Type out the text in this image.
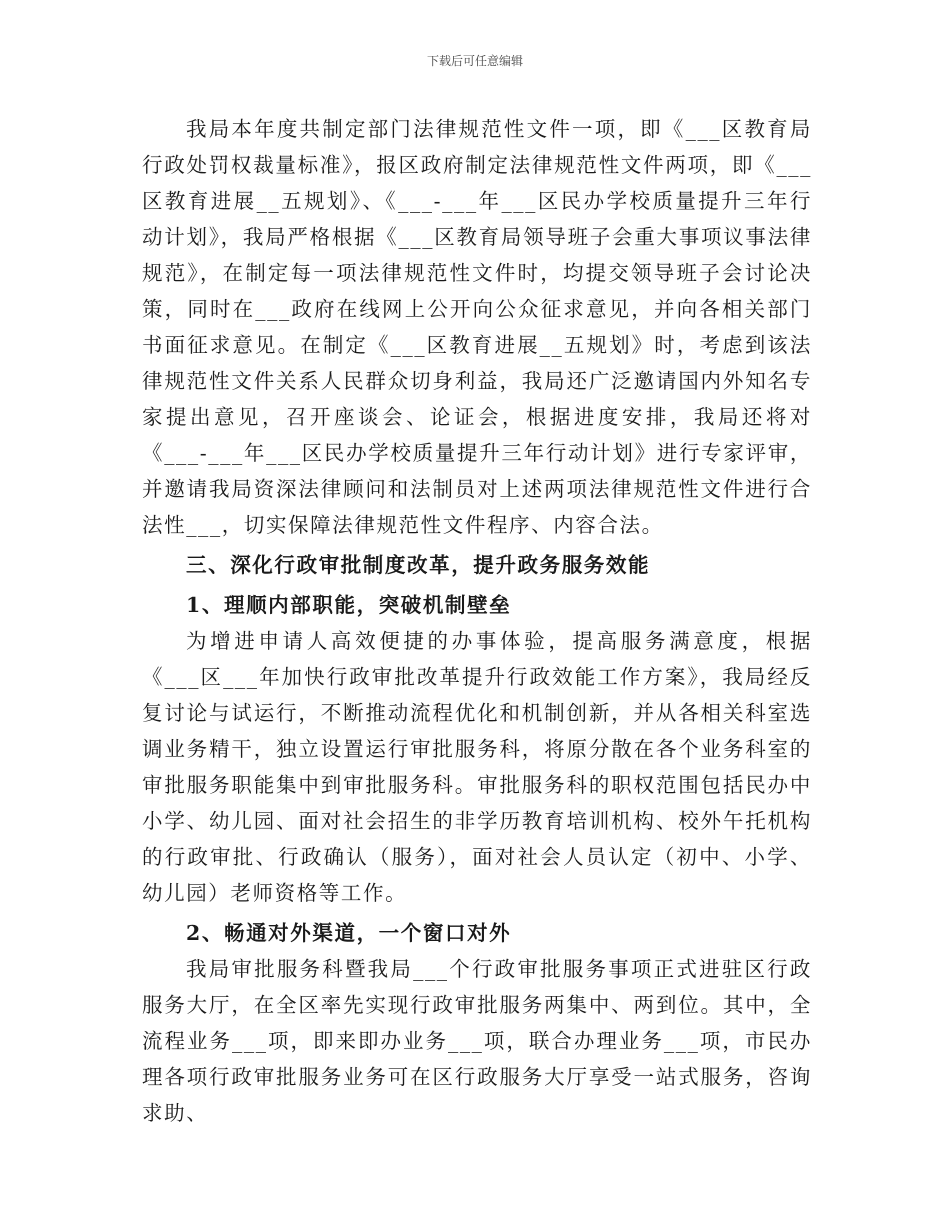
下载后可任意编辑

我局本年度共制定部门法律规范性文件一项，即《___区教育局行政处罚权裁量标准》，报区政府制定法律规范性文件两项，即《___区教育进展__五规划》、《___-___年___区民办学校质量提升三年行动计划》，我局严格根据《___区教育局领导班子会重大事项议事法律规范》，在制定每一项法律规范性文件时，均提交领导班子会讨论决策，同时在___政府在线网上公开向公众征求意见，并向各相关部门书面征求意见。在制定《___区教育进展__五规划》时，考虑到该法律规范性文件关系人民群众切身利益，我局还广泛邀请国内外知名专家提出意见，召开座谈会、论证会，根据进度安排，我局还将对《___-___年___区民办学校质量提升三年行动计划》进行专家评审，并邀请我局资深法律顾问和法制员对上述两项法律规范性文件进行合法性___，切实保障法律规范性文件程序、内容合法。

三、深化行政审批制度改革，提升政务服务效能

1、理顺内部职能，突破机制壁垒

为增进申请人高效便捷的办事体验，提高服务满意度，根据《___区___年加快行政审批改革提升行政效能工作方案》，我局经反复讨论与试运行，不断推动流程优化和机制创新，并从各相关科室选调业务精干，独立设置运行审批服务科，将原分散在各个业务科室的审批服务职能集中到审批服务科。审批服务科的职权范围包括民办中小学、幼儿园、面对社会招生的非学历教育培训机构、校外午托机构的行政审批、行政确认（服务），面对社会人员认定（初中、小学、幼儿园）老师资格等工作。

2、畅通对外渠道，一个窗口对外

我局审批服务科暨我局___个行政审批服务事项正式进驻区行政服务大厅，在全区率先实现行政审批服务两集中、两到位。其中，全流程业务___项，即来即办业务___项，联合办理业务___项，市民办理各项行政审批服务业务可在区行政服务大厅享受一站式服务，咨询求助、
